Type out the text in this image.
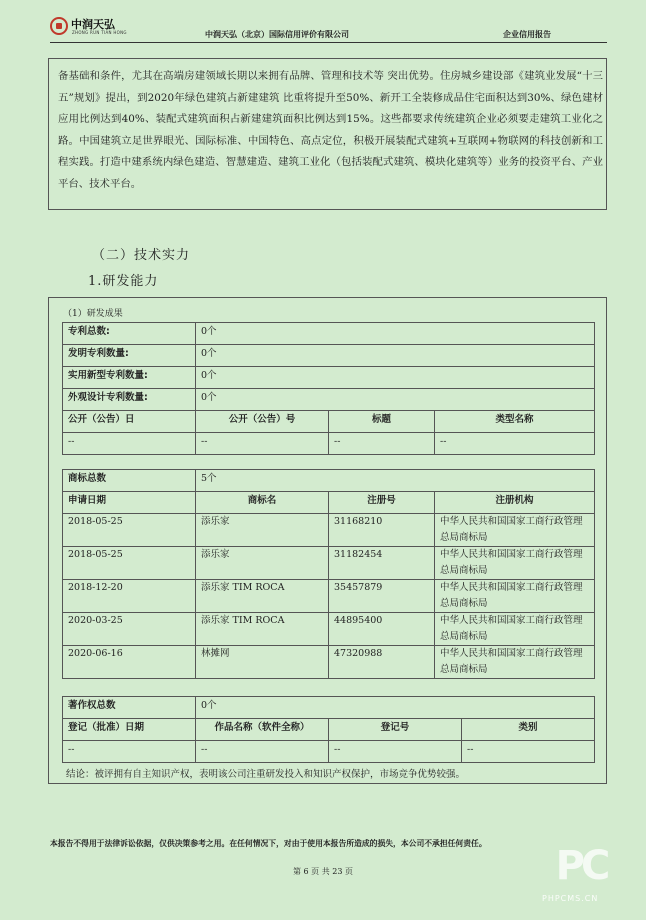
中润天弘
ZHONG RUN TIAN HONG	中润天弘（北京）国际信用评价有限公司	企业信用报告
备基础和条件，尤其在高端房建领域长期以来拥有品牌、管理和技术等 突出优势。住房城乡建设部《建筑业发展“十三五”规划》提出，到2020年绿色建筑占新建建筑 比重将提升至50%、新开工全装修成品住宅面积达到30%、绿色建材应用比例达到40%、装配式建筑面积占新建建筑面积比例达到15%。这些都要求传统建筑企业必须要走建筑工业化之路。中国建筑立足世界眼光、国际标准、中国特色、高点定位，积极开展装配式建筑+互联网+物联网的科技创新和工程实践。打造中建系统内绿色建造、智慧建造、建筑工业化（包括装配式建筑、模块化建筑等）业务的投资平台、产业平台、技术平台。
（二）技术实力
1.研发能力
（1）研发成果
专利总数:	0个		
发明专利数量:	0个		
实用新型专利数量:	0个		
外观设计专利数量:	0个		
公开（公告）日	公开（公告）号	标题	类型名称
--	--	--	--
商标总数	5个		
申请日期	商标名	注册号	注册机构
2018-05-25	添乐家	31168210	中华人民共和国国家工商行政管理总局商标局
2018-05-25	添乐家	31182454	中华人民共和国国家工商行政管理总局商标局
2018-12-20	添乐家 TIM ROCA	35457879	中华人民共和国国家工商行政管理总局商标局
2020-03-25	添乐家 TIM ROCA	44895400	中华人民共和国国家工商行政管理总局商标局
2020-06-16	林摊网	47320988	中华人民共和国国家工商行政管理总局商标局
著作权总数	0个		
登记（批准）日期	作品名称（软件全称）	登记号	类别
--	--	--	--
结论：被评拥有自主知识产权，表明该公司注重研发投入和知识产权保护，市场竞争优势较强。
本报告不得用于法律诉讼依据，仅供决策参考之用。在任何情况下，对由于使用本报告所造成的损失，本公司不承担任何责任。
第 6 页 共 23 页	PC
PHPCMS.CN
